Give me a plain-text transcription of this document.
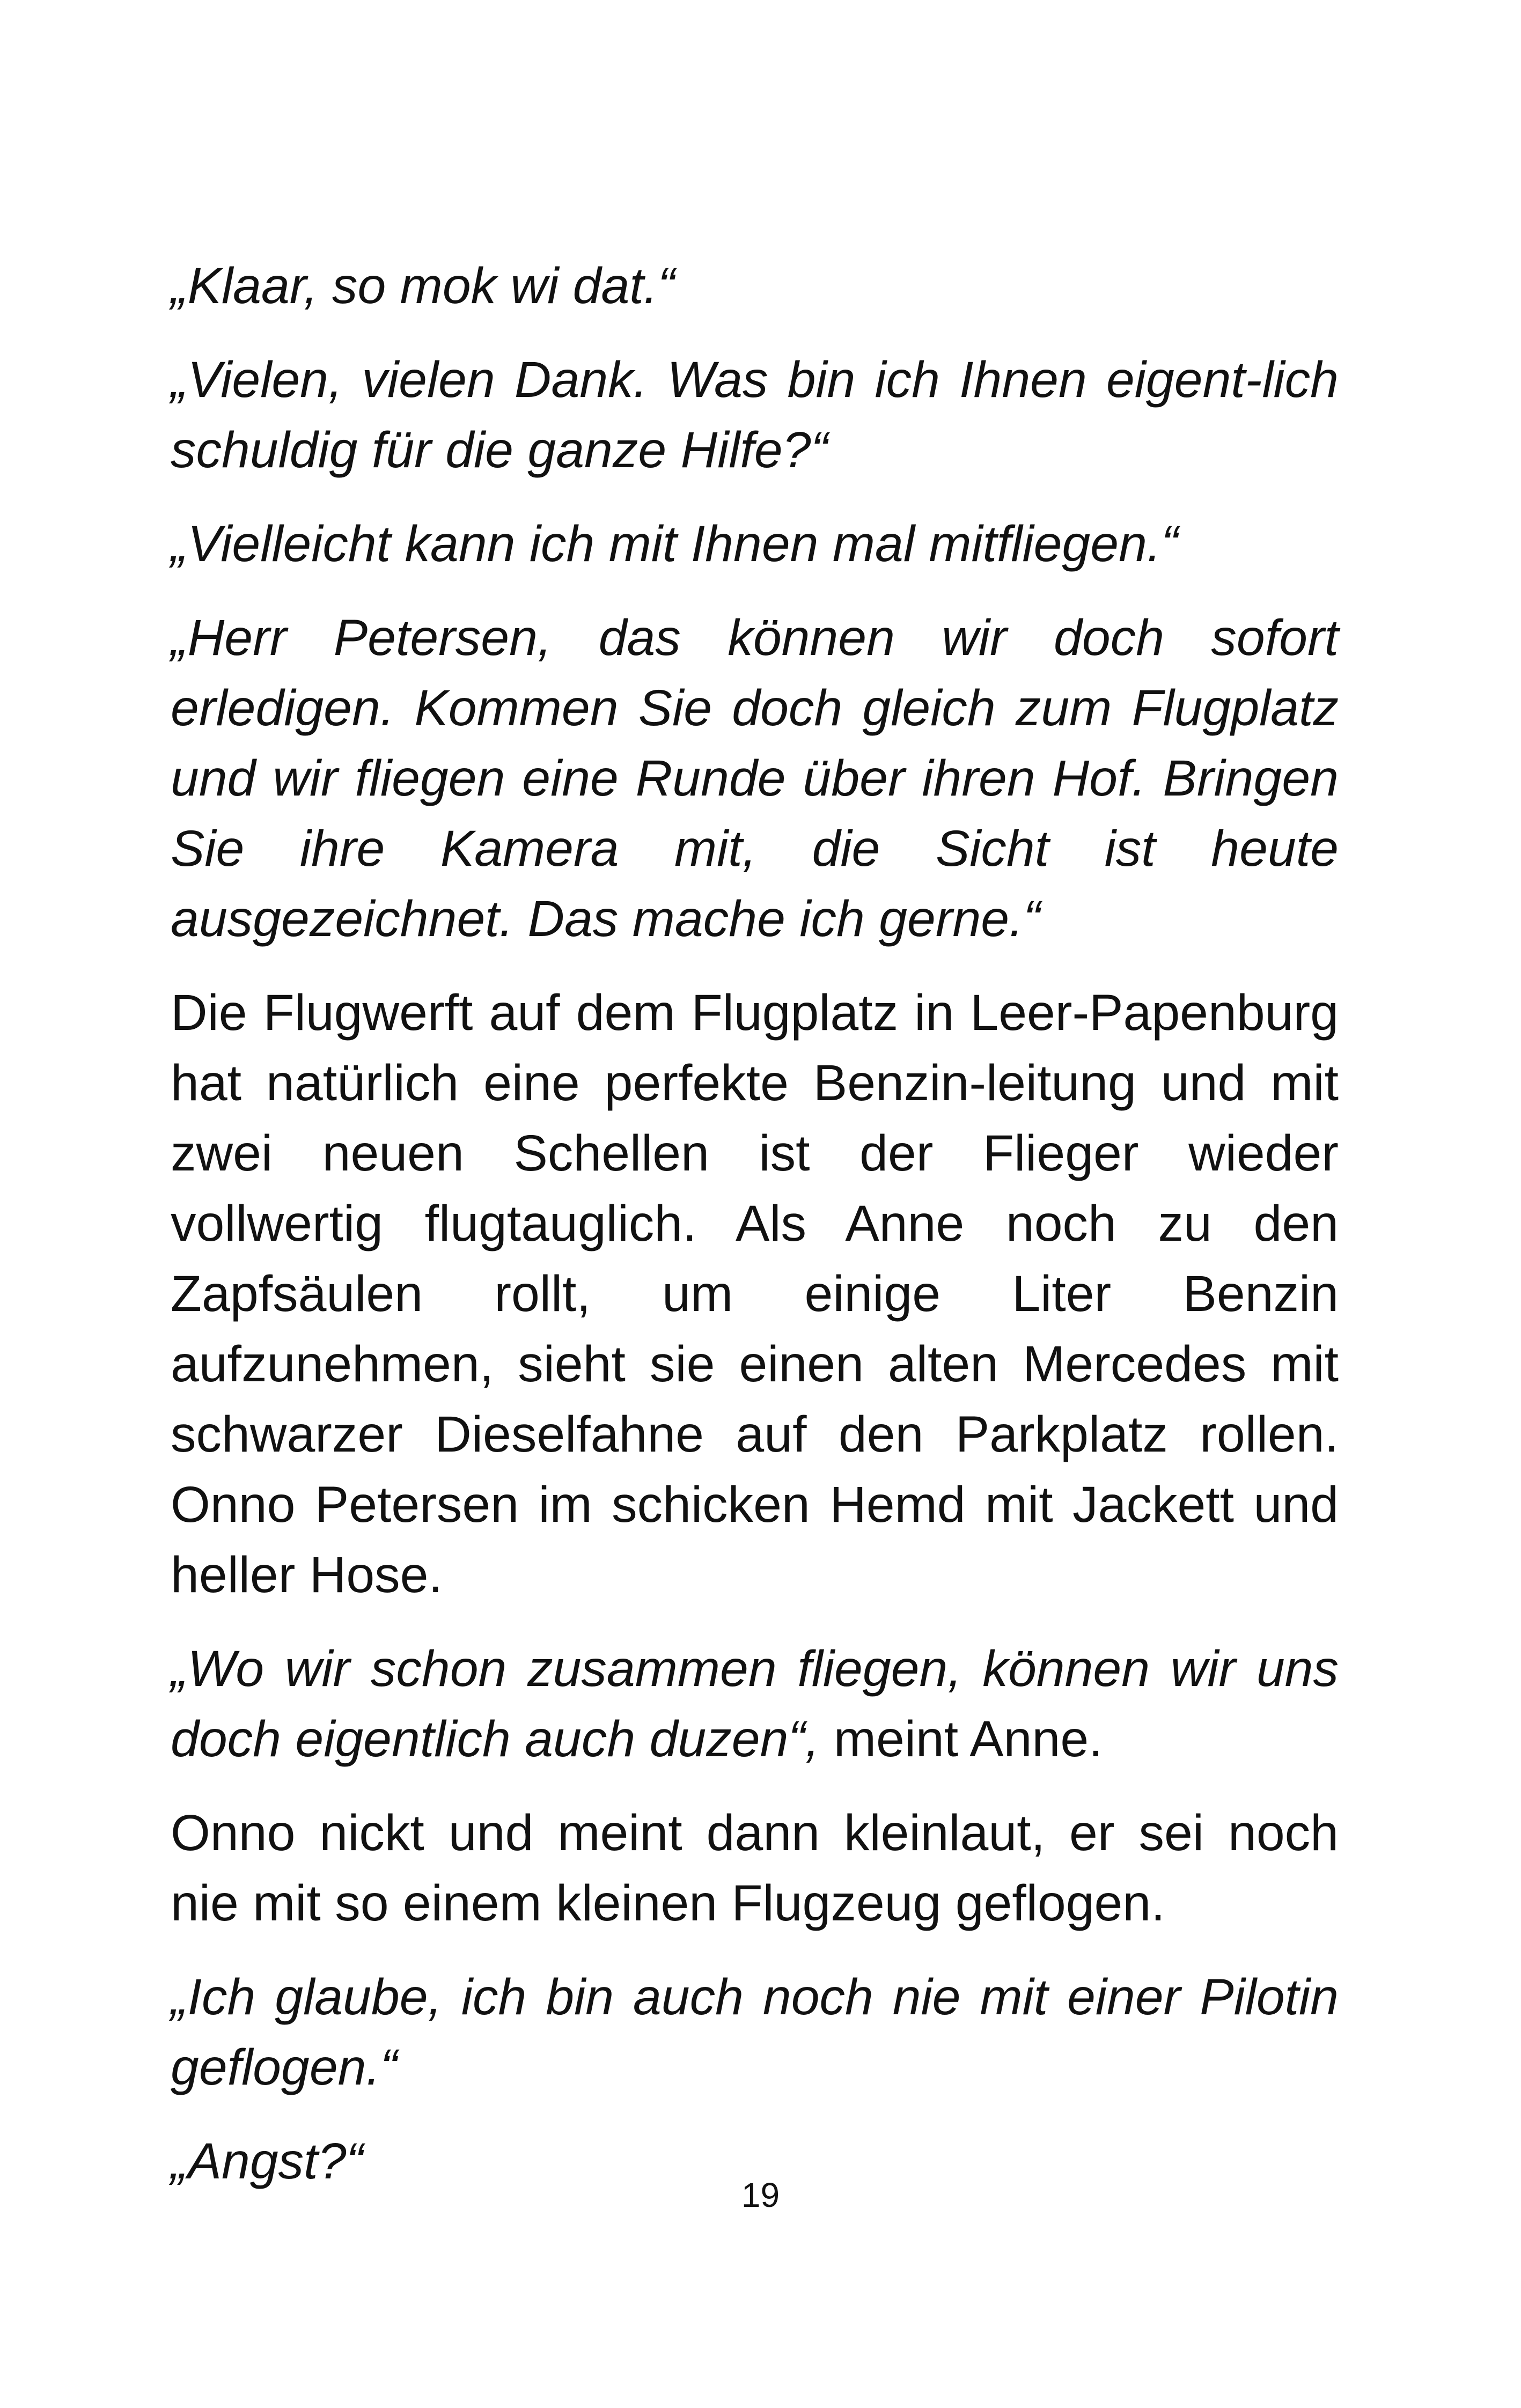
„Klaar, so mok wi dat.“

„Vielen, vielen Dank. Was bin ich Ihnen eigent-lich schuldig für die ganze Hilfe?“

„Vielleicht kann ich mit Ihnen mal mitfliegen.“

„Herr Petersen, das können wir doch sofort erledigen. Kommen Sie doch gleich zum Flugplatz und wir fliegen eine Runde über ihren Hof. Bringen Sie ihre Kamera mit, die Sicht ist heute ausgezeichnet. Das mache ich gerne.“

Die Flugwerft auf dem Flugplatz in Leer-Papenburg hat natürlich eine perfekte Benzin-leitung und mit zwei neuen Schellen ist der Flieger wieder vollwertig flugtauglich. Als Anne noch zu den Zapfsäulen rollt, um einige Liter Benzin aufzunehmen, sieht sie einen alten Mercedes mit schwarzer Dieselfahne auf den Parkplatz rollen. Onno Petersen im schicken Hemd mit Jackett und heller Hose.

„Wo wir schon zusammen fliegen, können wir uns doch eigentlich auch duzen“, meint Anne.

Onno nickt und meint dann kleinlaut, er sei noch nie mit so einem kleinen Flugzeug geflogen.

„Ich glaube, ich bin auch noch nie mit einer Pilotin geflogen.“

„Angst?“

19
